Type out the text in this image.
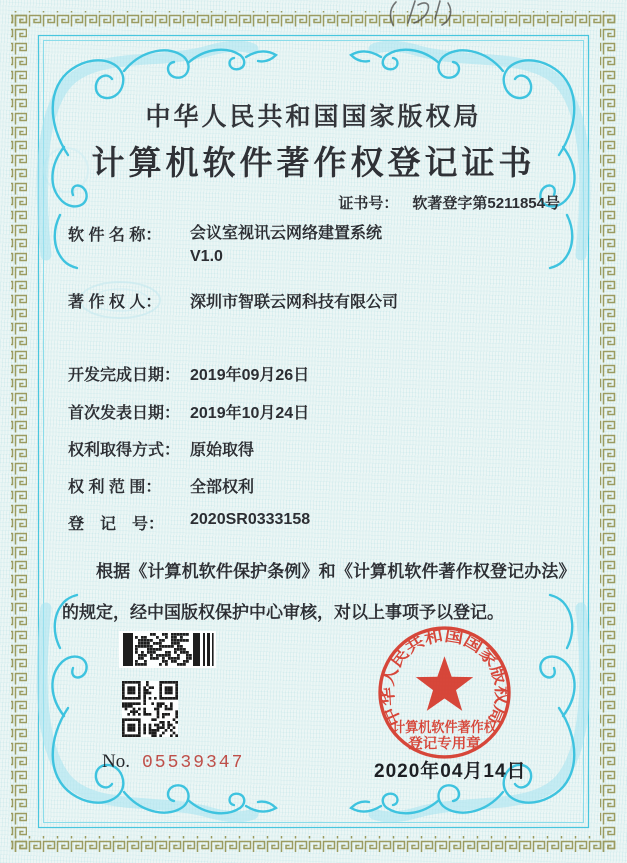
中华人民共和国国家版权局
计算机软件著作权登记证书
证书号： 软著登字第5211854号
软 件 名 称：	会议室视讯云网络建置系统
V1.0
著 作 权 人：	深圳市智联云网科技有限公司
开发完成日期： 2019年09月26日
首次发表日期： 2019年10月24日
权利取得方式： 原始取得
权 利 范 围：	全部权利
登　记　号：	2020SR0333158
根据《计算机软件保护条例》和《计算机软件著作权登记办法》的规定，经中国版权保护中心审核，对以上事项予以登记。
No. 05539347
中华人民共和国国家版权局
计算机软件著作权
登记专用章
2020年04月14日
